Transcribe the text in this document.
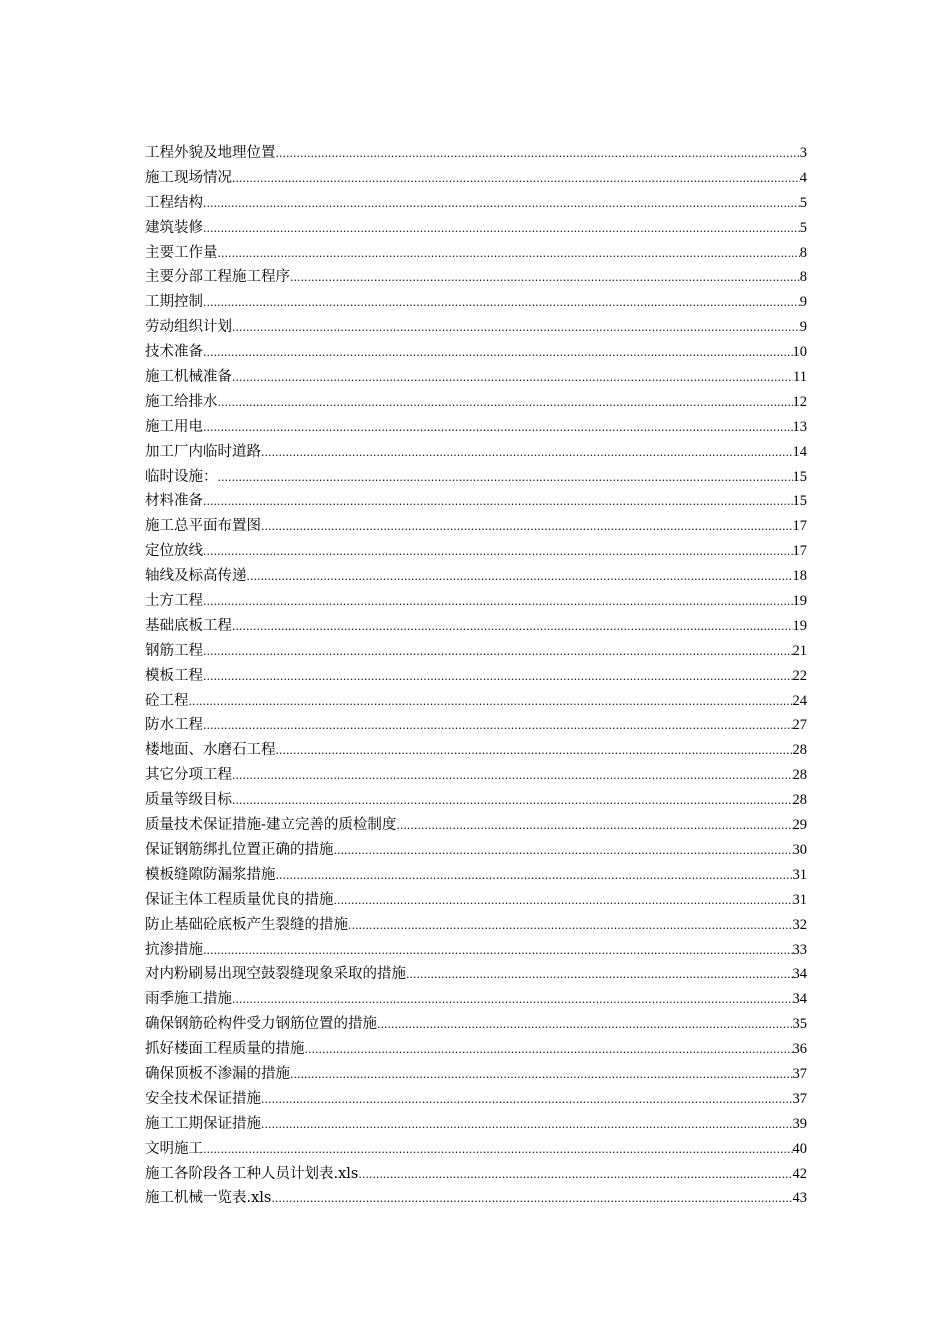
工程外貌及地理位置 .....	3
施工现场情况 .....	4
工程结构 .....	5
建筑装修 .....	5
主要工作量 .....	8
主要分部工程施工程序 .....	8
工期控制 .....	9
劳动组织计划 .....	9
技术准备 .....	10
施工机械准备 .....	11
施工给排水 .....	12
施工用电 .....	13
加工厂内临时道路 .....	14
临时设施： .....	15
材料准备 .....	15
施工总平面布置图 .....	17
定位放线 .....	17
轴线及标高传递 .....	18
土方工程 .....	19
基础底板工程 .....	19
钢筋工程 .....	21
模板工程 .....	22
砼工程 .....	24
防水工程 .....	27
楼地面、水磨石工程 .....	28
其它分项工程 .....	28
质量等级目标 .....	28
质量技术保证措施-建立完善的质检制度 .....	29
保证钢筋绑扎位置正确的措施 .....	30
模板缝隙防漏浆措施 .....	31
保证主体工程质量优良的措施 .....	31
防止基础砼底板产生裂缝的措施 .....	32
抗渗措施 .....	33
对内粉刷易出现空鼓裂缝现象采取的措施 .....	34
雨季施工措施 .....	34
确保钢筋砼构件受力钢筋位置的措施 .....	35
抓好楼面工程质量的措施 .....	36
确保顶板不渗漏的措施 .....	37
安全技术保证措施 .....	37
施工工期保证措施 .....	39
文明施工 .....	40
施工各阶段各工种人员计划表.xls .....	42
施工机械一览表.xls .....	43
